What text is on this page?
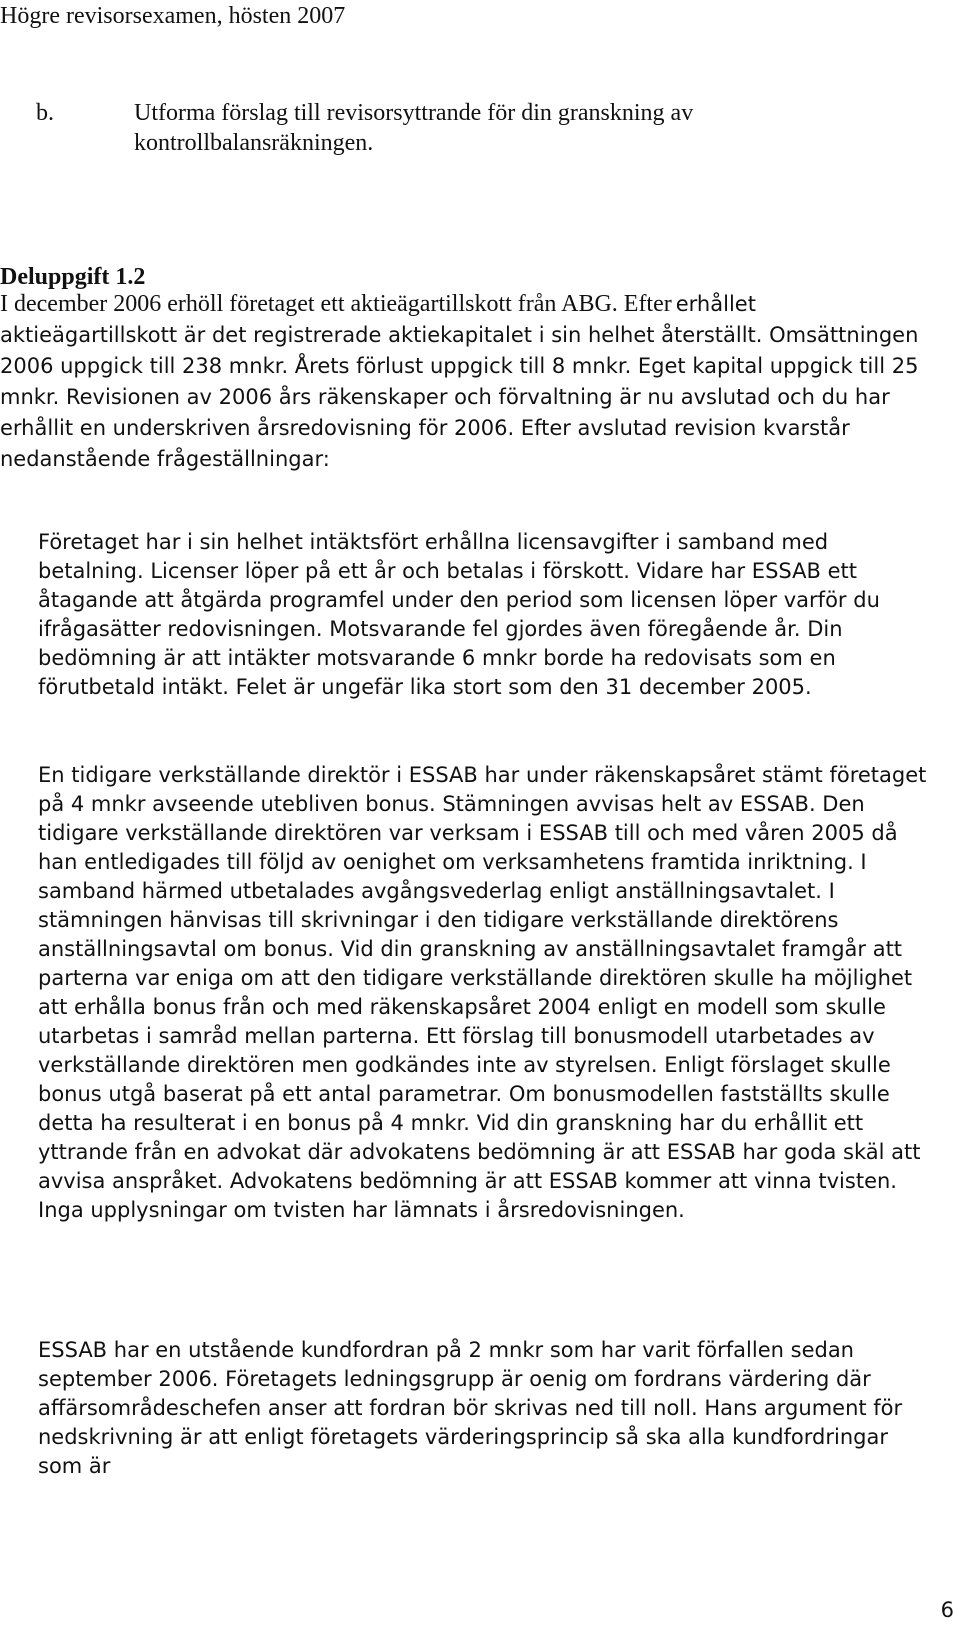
Högre revisorsexamen, hösten 2007
b.	Utforma förslag till revisorsyttrande för din granskning av kontrollbalansräkningen.
Deluppgift 1.2

I december 2006 erhöll företaget ett aktieägartillskott från ABG. Efter erhållet aktieägartillskott är det registrerade aktiekapitalet i sin helhet återställt. Omsättningen 2006 uppgick till 238 mnkr. Årets förlust uppgick till 8 mnkr. Eget kapital uppgick till 25 mnkr. Revisionen av 2006 års räkenskaper och förvaltning är nu avslutad och du har erhållit en underskriven årsredovisning för 2006. Efter avslutad revision kvarstår nedanstående frågeställningar:

Företaget har i sin helhet intäktsfört erhållna licensavgifter i samband med betalning. Licenser löper på ett år och betalas i förskott. Vidare har ESSAB ett åtagande att åtgärda programfel under den period som licensen löper varför du ifrågasätter redovisningen. Motsvarande fel gjordes även föregående år. Din bedömning är att intäkter motsvarande 6 mnkr borde ha redovisats som en förutbetald intäkt. Felet är ungefär lika stort som den 31 december 2005.

En tidigare verkställande direktör i ESSAB har under räkenskapsåret stämt företaget på 4 mnkr avseende utebliven bonus. Stämningen avvisas helt av ESSAB. Den tidigare verkställande direktören var verksam i ESSAB till och med våren 2005 då han entledigades till följd av oenighet om verksamhetens framtida inriktning. I samband härmed utbetalades avgångsvederlag enligt anställningsavtalet. I stämningen hänvisas till skrivningar i den tidigare verkställande direktörens anställningsavtal om bonus. Vid din granskning av anställningsavtalet framgår att parterna var eniga om att den tidigare verkställande direktören skulle ha möjlighet att erhålla bonus från och med räkenskapsåret 2004 enligt en modell som skulle utarbetas i samråd mellan parterna. Ett förslag till bonusmodell utarbetades av verkställande direktören men godkändes inte av styrelsen. Enligt förslaget skulle bonus utgå baserat på ett antal parametrar. Om bonusmodellen fastställts skulle detta ha resulterat i en bonus på 4 mnkr. Vid din granskning har du erhållit ett yttrande från en advokat där advokatens bedömning är att ESSAB har goda skäl att avvisa anspråket. Advokatens bedömning är att ESSAB kommer att vinna tvisten. Inga upplysningar om tvisten har lämnats i årsredovisningen.

ESSAB har en utstående kundfordran på 2 mnkr som har varit förfallen sedan september 2006. Företagets ledningsgrupp är oenig om fordrans värdering där affärsområdeschefen anser att fordran bör skrivas ned till noll. Hans argument för nedskrivning är att enligt företagets värderingsprincip så ska alla kundfordringar som är

6
